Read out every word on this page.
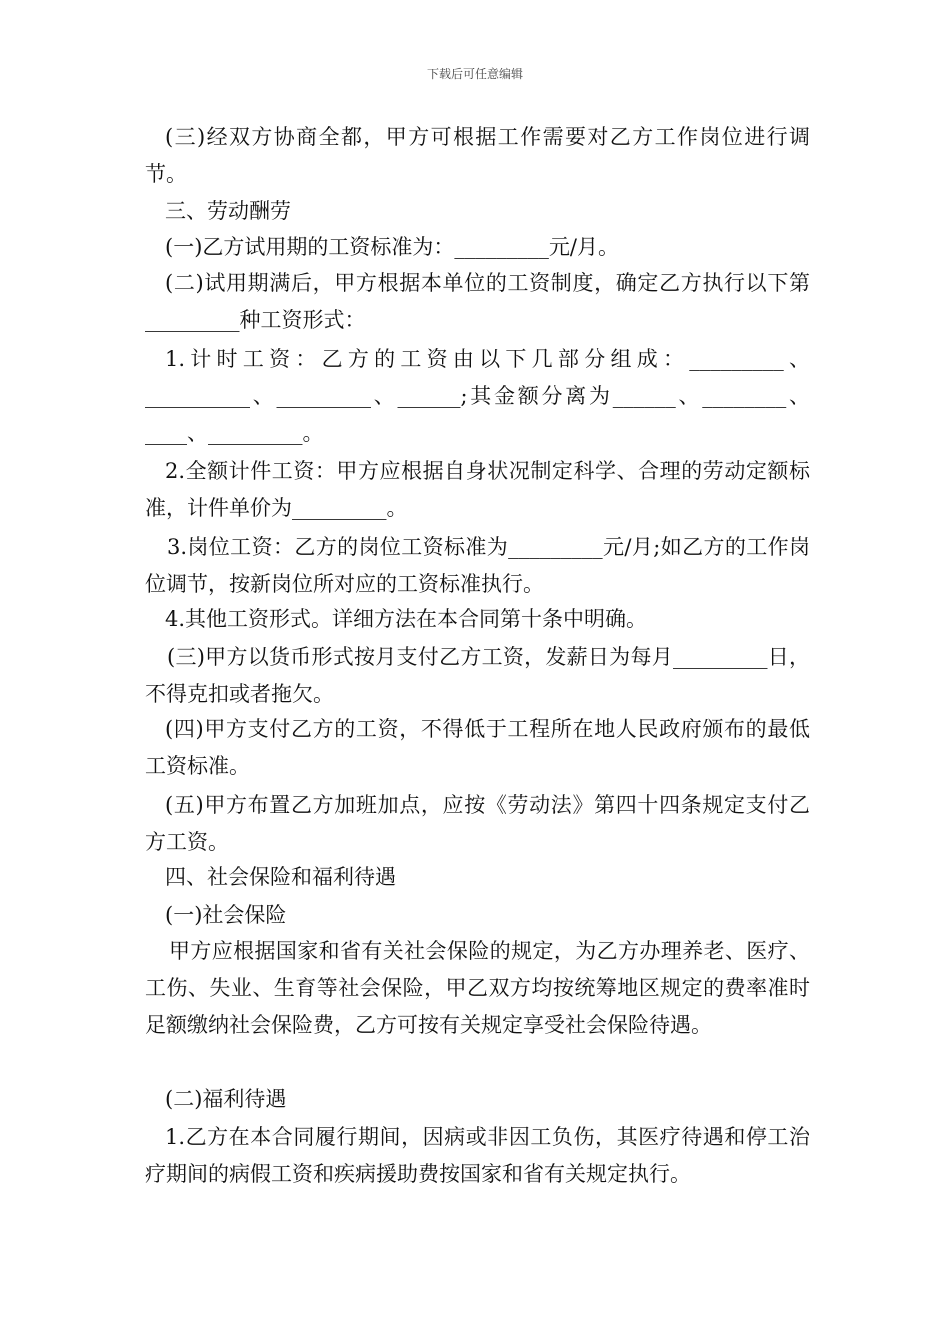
下载后可任意编辑
(三)经双方协商全都，甲方可根据工作需要对乙方工作岗位进行调节。
三、劳动酬劳
(一)乙方试用期的工资标准为：_________元/月。
(二)试用期满后，甲方根据本单位的工资制度，确定乙方执行以下第_________种工资形式：
1.计时工资：乙方的工资由以下几部分组成：_________、__________、_________、______;其金额分离为______、________、____、_________。
2.全额计件工资：甲方应根据自身状况制定科学、合理的劳动定额标准，计件单价为_________。
3.岗位工资：乙方的岗位工资标准为_________元/月;如乙方的工作岗位调节，按新岗位所对应的工资标准执行。
4.其他工资形式。详细方法在本合同第十条中明确。
(三)甲方以货币形式按月支付乙方工资，发薪日为每月_________日，不得克扣或者拖欠。
(四)甲方支付乙方的工资，不得低于工程所在地人民政府颁布的最低工资标准。
(五)甲方布置乙方加班加点，应按《劳动法》第四十四条规定支付乙方工资。
四、社会保险和福利待遇
(一)社会保险
甲方应根据国家和省有关社会保险的规定，为乙方办理养老、医疗、工伤、失业、生育等社会保险，甲乙双方均按统筹地区规定的费率准时足额缴纳社会保险费，乙方可按有关规定享受社会保险待遇。
(二)福利待遇
1.乙方在本合同履行期间，因病或非因工负伤，其医疗待遇和停工治疗期间的病假工资和疾病援助费按国家和省有关规定执行。
